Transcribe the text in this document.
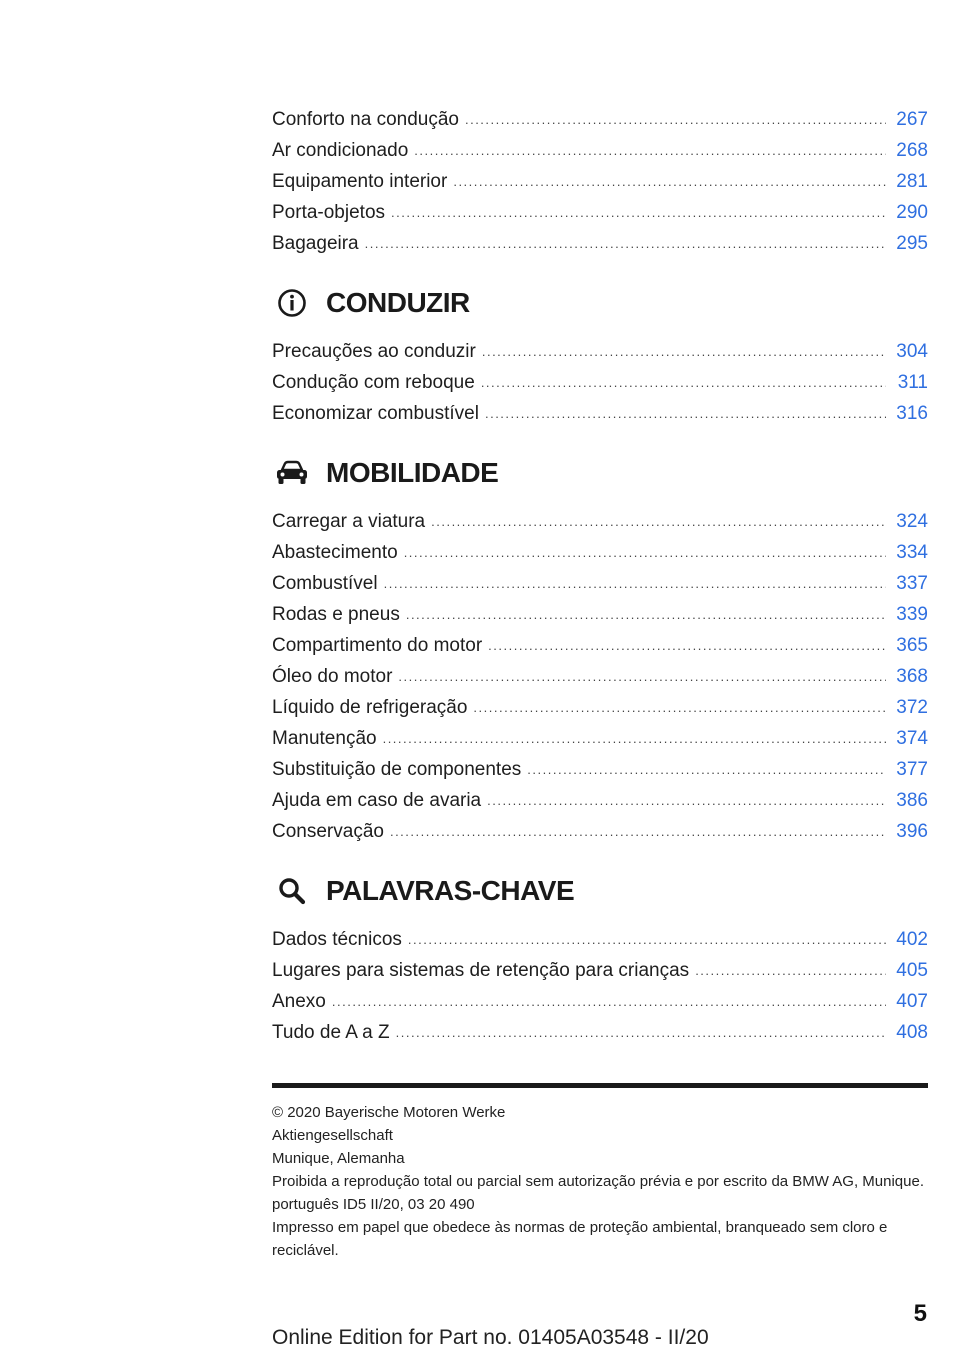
Conforto na condução .....	267
Ar condicionado .....	268
Equipamento interior .....	281
Porta-objetos .....	290
Bagageira .....	295
CONDUZIR
Precauções ao conduzir .....	304
Condução com reboque .....	311
Economizar combustível .....	316
MOBILIDADE
Carregar a viatura .....	324
Abastecimento .....	334
Combustível .....	337
Rodas e pneus .....	339
Compartimento do motor .....	365
Óleo do motor .....	368
Líquido de refrigeração .....	372
Manutenção .....	374
Substituição de componentes .....	377
Ajuda em caso de avaria .....	386
Conservação .....	396
PALAVRAS-CHAVE
Dados técnicos .....	402
Lugares para sistemas de retenção para crianças .....	405
Anexo .....	407
Tudo de A a Z .....	408
© 2020 Bayerische Motoren Werke
Aktiengesellschaft
Munique, Alemanha
Proibida a reprodução total ou parcial sem autorização prévia e por escrito da BMW AG, Munique.
português ID5 II/20, 03 20 490
Impresso em papel que obedece às normas de proteção ambiental, branqueado sem cloro e reciclável.
5
Online Edition for Part no. 01405A03548 - II/20
